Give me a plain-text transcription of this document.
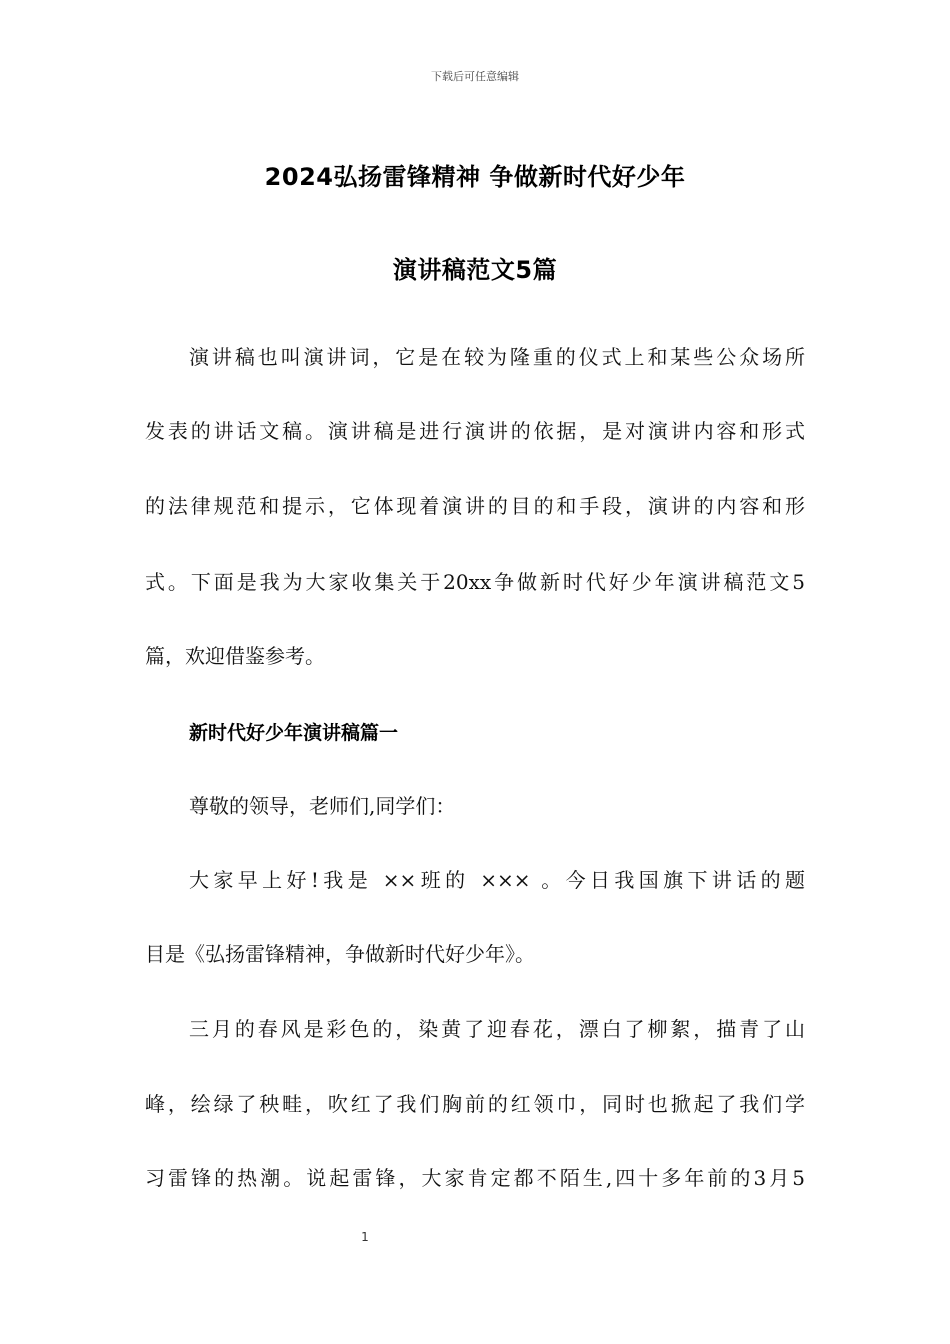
下载后可任意编辑
2024弘扬雷锋精神 争做新时代好少年
演讲稿范文5篇
演讲稿也叫演讲词，它是在较为隆重的仪式上和某些公众场所
发表的讲话文稿。演讲稿是进行演讲的依据，是对演讲内容和形式
的法律规范和提示，它体现着演讲的目的和手段，演讲的内容和形
式。下面是我为大家收集关于20xx争做新时代好少年演讲稿范文5
篇，欢迎借鉴参考。
新时代好少年演讲稿篇一
尊敬的领导，老师们,同学们：
大家早上好!我是 ××班的 ××× 。今日我国旗下讲话的题
目是《弘扬雷锋精神，争做新时代好少年》。
三月的春风是彩色的，染黄了迎春花，漂白了柳絮，描青了山
峰，绘绿了秧畦，吹红了我们胸前的红领巾，同时也掀起了我们学
习雷锋的热潮。说起雷锋，大家肯定都不陌生,四十多年前的3月5
1
